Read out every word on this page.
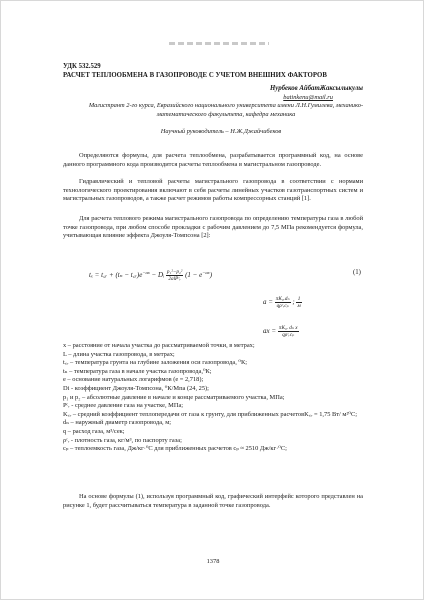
УДК 532.529
РАСЧЕТ ТЕПЛООБМЕНА В ГАЗОПРОВОДЕ С УЧЕТОМ ВНЕШНИХ ФАКТОРОВ
Нурбеков АйбатЖаксылыкулы
batinkenu@mail.ru
Магистрант 2-го курса, Евразийского национального университета имени Л.Н.Гумилева, механико-математического факультета, кафедра механика
Научный руководитель – Н.Ж.Джайчибеков
Определяются формулы, для расчета теплообмена, разрабатывается программный код, на основе данного программного кода производится расчеты теплообмена в магистральном газопроводе.
Гидравлический и тепловой расчеты магистрального газопровода в соответствии с нормами технологического проектирования включают в себя расчеты линейных участков газотранспортных систем и магистральных газопроводов, а также расчет режимов работы компрессорных станций [1].
Для расчета теплового режима магистрального газопровода по определению температуры газа в любой точке газопровода, при любом способе прокладки с рабочим давлением до 7,5 МПа рекомендуется формула, учитывающая влияние эффекта Джоуля-Томпсона [2]:
tₓ = t꜀ᵣ + $(t_n - t꜀ᵣ)e^{-ax}$ − Dᵢ $\frac{\text{p₁²−p₂²}}{\text{2alPᶜᵣ}} (1 - e^{-ax})$	(1)
$a = \frac{\text{πK꜀ᵣdₙ}}{\text{qρᶜᵣcₚ}}$ ; $\frac{1}{м}$
ax = $\frac{\text{πK꜀ᵣ dₙ x}}{\text{qρᶜᵣcₚ}}$
x – расстояние от начала участка до рассматриваемой точки, в метрах;
L – длина участка газопровода, в метрах;
t꜀ᵣ – температура грунта на глубине заложения оси газопровода, ⁰К;
tₙ – температура газа в начале участка газопровода,⁰К;
e – основание натуральных логарифмов (e = 2,718);
Di - коэффициент Джоуля-Томпсона, ⁰К/Мпа (24, 25);
p₁ и p₂ – абсолютные давление в начале и конце рассматриваемого участка, МПа;
Pᶜᵣ - среднее давление газа на участке, МПа;
K꜀ᵣ – средний коэффициент теплопередачи от газа к грунту, для приближенных расчетовK꜀ᵣ = 1,75 Вт/ м²⁰С;
dₙ – наружный диаметр газопровода, м;
q – расход газа, м³/сек;
ρᶜᵣ - плотность газа, кг/м³, по паспорту газа;
cₚ – теплоемкость газа, Дж/кг·⁰С для приближенных расчетов cₚ ≈ 2510 Дж/кг·⁰С;
На основе формулы (1), используя программный код, графический интерфейс которого представлен на рисунке 1, будет рассчитываться температура в заданной точке газопровода.
1378
